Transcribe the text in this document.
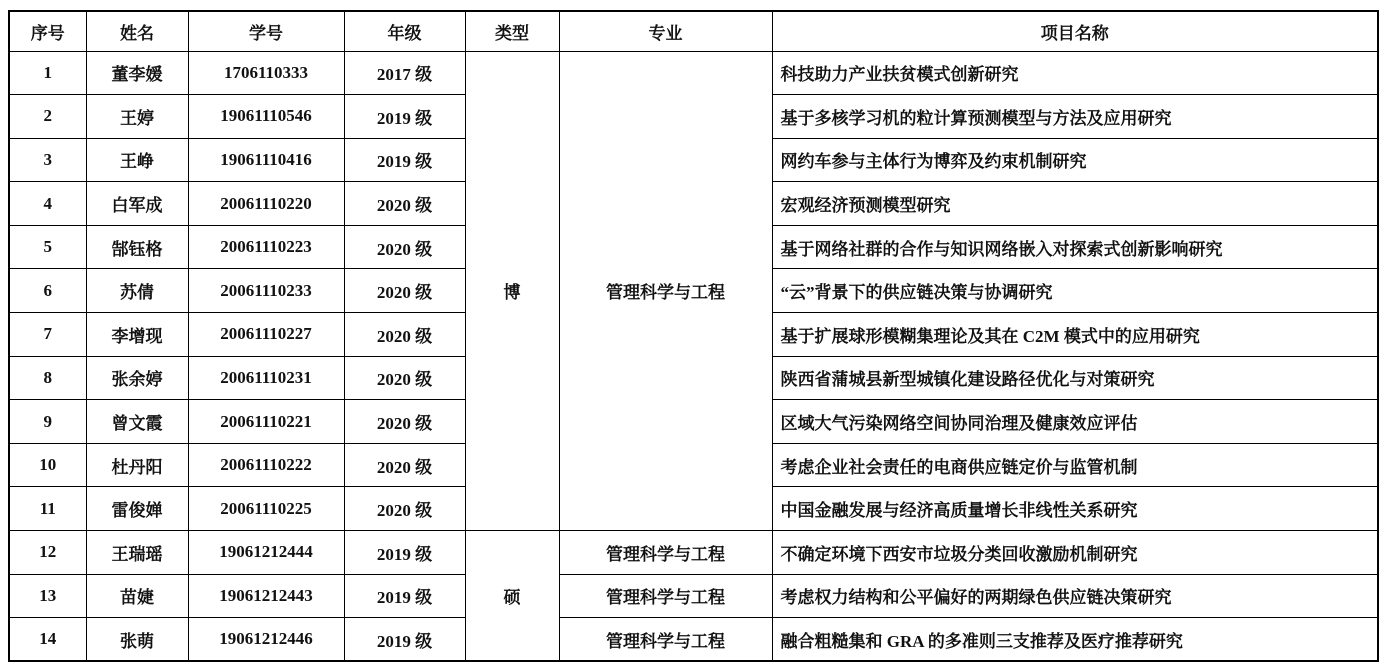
序号	姓名	学号	年级	类型	专业	项目名称
1	董李媛	1706110333	2017 级	博	管理科学与工程	科技助力产业扶贫模式创新研究
2	王婷	19061110546	2019 级			基于多核学习机的粒计算预测模型与方法及应用研究
3	王峥	19061110416	2019 级			网约车参与主体行为博弈及约束机制研究
4	白军成	20061110220	2020 级			宏观经济预测模型研究
5	郜钰格	20061110223	2020 级			基于网络社群的合作与知识网络嵌入对探索式创新影响研究
6	苏倩	20061110233	2020 级			“云”背景下的供应链决策与协调研究
7	李增现	20061110227	2020 级			基于扩展球形模糊集理论及其在 C2M 模式中的应用研究
8	张余婷	20061110231	2020 级			陕西省蒲城县新型城镇化建设路径优化与对策研究
9	曾文霞	20061110221	2020 级			区域大气污染网络空间协同治理及健康效应评估
10	杜丹阳	20061110222	2020 级			考虑企业社会责任的电商供应链定价与监管机制
11	雷俊婵	20061110225	2020 级			中国金融发展与经济高质量增长非线性关系研究
12	王瑞瑶	19061212444	2019 级	硕	管理科学与工程	不确定环境下西安市垃圾分类回收激励机制研究
13	苗婕	19061212443	2019 级		管理科学与工程	考虑权力结构和公平偏好的两期绿色供应链决策研究
14	张萌	19061212446	2019 级		管理科学与工程	融合粗糙集和 GRA 的多准则三支推荐及医疗推荐研究
